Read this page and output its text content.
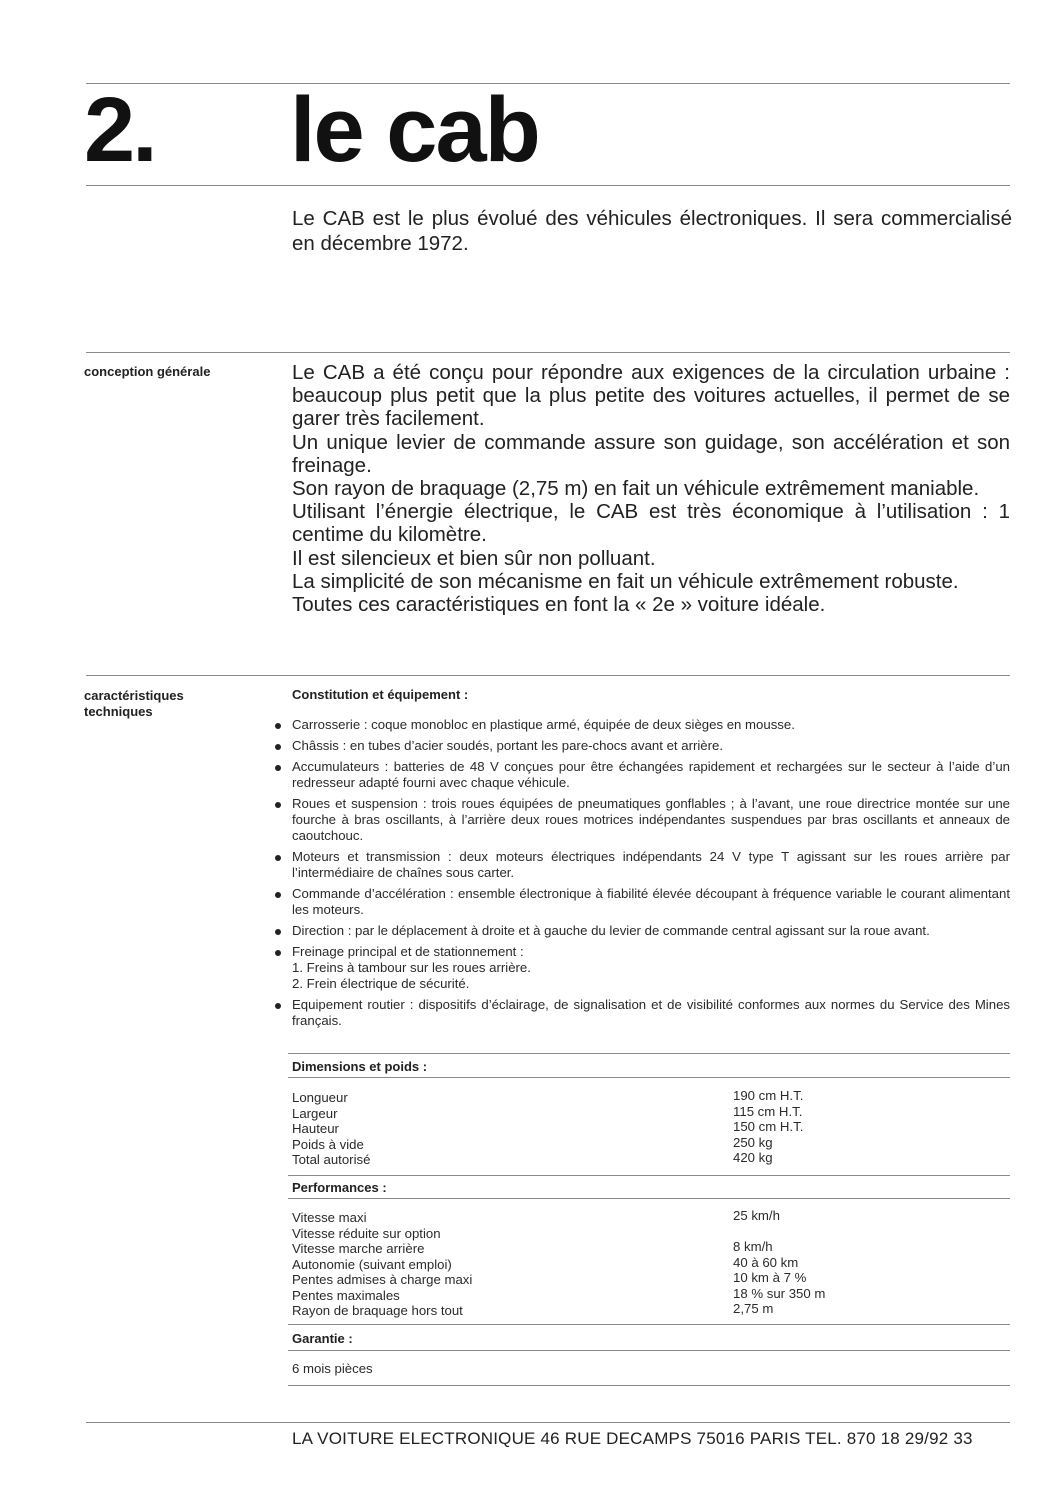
2. le cab
Le CAB est le plus évolué des véhicules électroniques. Il sera commercialisé en décembre 1972.
conception générale	Le CAB a été conçu pour répondre aux exigences de la circulation urbaine : beaucoup plus petit que la plus petite des voitures actuelles, il permet de se garer très facilement.

Un unique levier de commande assure son guidage, son accélération et son freinage.

Son rayon de braquage (2,75 m) en fait un véhicule extrêmement maniable.

Utilisant l’énergie électrique, le CAB est très économique à l’utilisation : 1 centime du kilomètre.

Il est silencieux et bien sûr non polluant.

La simplicité de son mécanisme en fait un véhicule extrêmement robuste.

Toutes ces caractéristiques en font la « 2e » voiture idéale.

caractéristiques
techniques
Constitution et équipement :
Carrosserie : coque monobloc en plastique armé, équipée de deux sièges en mousse.
Châssis : en tubes d’acier soudés, portant les pare-chocs avant et arrière.
Accumulateurs : batteries de 48 V conçues pour être échangées rapidement et rechargées sur le secteur à l’aide d’un redresseur adapté fourni avec chaque véhicule.
Roues et suspension : trois roues équipées de pneumatiques gonflables ; à l’avant, une roue directrice montée sur une fourche à bras oscillants, à l’arrière deux roues motrices indépendantes suspendues par bras oscillants et anneaux de caoutchouc.
Moteurs et transmission : deux moteurs électriques indépendants 24 V type T agissant sur les roues arrière par l’intermédiaire de chaînes sous carter.
Commande d’accélération : ensemble électronique à fiabilité élevée découpant à fréquence variable le courant alimentant les moteurs.
Direction : par le déplacement à droite et à gauche du levier de commande central agissant sur la roue avant.
Freinage principal et de stationnement :
1. Freins à tambour sur les roues arrière.
2. Frein électrique de sécurité.
Equipement routier : dispositifs d’éclairage, de signalisation et de visibilité conformes aux normes du Service des Mines français.
Dimensions et poids :
Longueur	190 cm H.T.
Largeur	115 cm H.T.
Hauteur	150 cm H.T.
Poids à vide	250 kg
Total autorisé	420 kg
Performances :
Vitesse maxi	25 km/h
Vitesse réduite sur option
Vitesse marche arrière	8 km/h
Autonomie (suivant emploi)	40 à 60 km
Pentes admises à charge maxi	10 km à 7 %
Pentes maximales	18 % sur 350 m
Rayon de braquage hors tout	2,75 m
Garantie :
6 mois pièces
LA VOITURE ELECTRONIQUE 46 RUE DECAMPS 75016 PARIS TEL. 870 18 29/92 33
